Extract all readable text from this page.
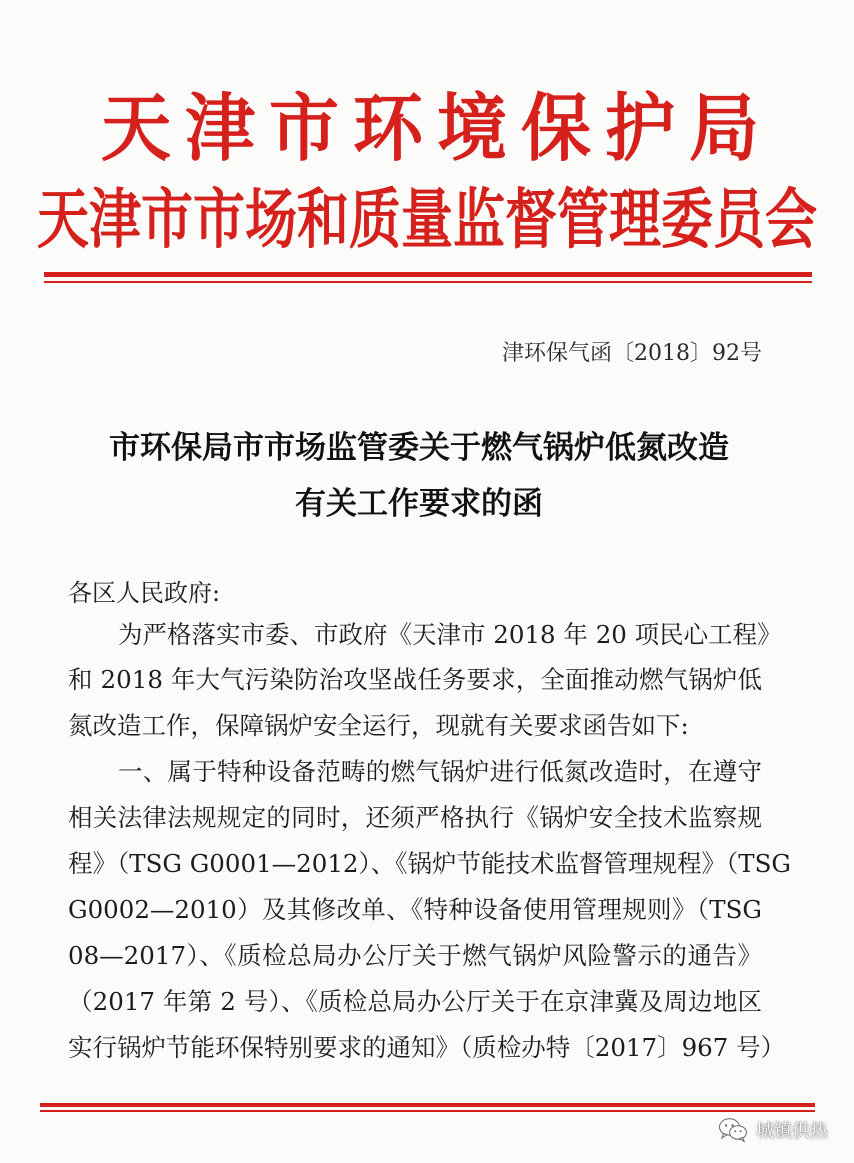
天津市环境保护局
天津市市场和质量监督管理委员会
津环保气函〔2018〕92号
市环保局市市场监管委关于燃气锅炉低氮改造
有关工作要求的函
各区人民政府:
为严格落实市委、市政府《天津市 2018 年 20 项民心工程》
和 2018 年大气污染防治攻坚战任务要求，全面推动燃气锅炉低
氮改造工作，保障锅炉安全运行，现就有关要求函告如下:
一、属于特种设备范畴的燃气锅炉进行低氮改造时，在遵守
相关法律法规规定的同时，还须严格执行《锅炉安全技术监察规
程》（TSG G0001—2012）、《锅炉节能技术监督管理规程》（TSG
G0002—2010）及其修改单、《特种设备使用管理规则》（TSG
08—2017）、《质检总局办公厅关于燃气锅炉风险警示的通告》
（2017 年第 2 号）、《质检总局办公厅关于在京津冀及周边地区
实行锅炉节能环保特别要求的通知》（质检办特〔2017〕967 号）
城镇供热
